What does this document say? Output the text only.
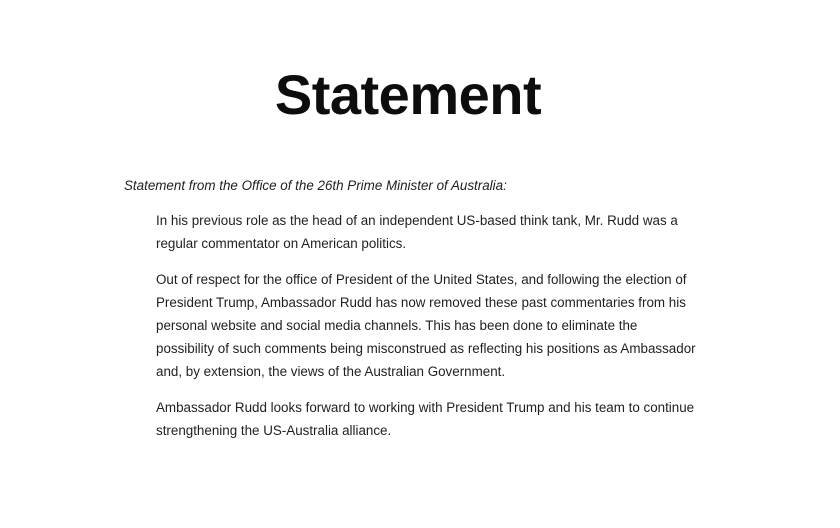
Statement

Statement from the Office of the 26th Prime Minister of Australia:

In his previous role as the head of an independent US-based think tank, Mr. Rudd was a regular commentator on American politics.

Out of respect for the office of President of the United States, and following the election of President Trump, Ambassador Rudd has now removed these past commentaries from his personal website and social media channels. This has been done to eliminate the possibility of such comments being misconstrued as reflecting his positions as Ambassador and, by extension, the views of the Australian Government.

Ambassador Rudd looks forward to working with President Trump and his team to continue strengthening the US-Australia alliance.
